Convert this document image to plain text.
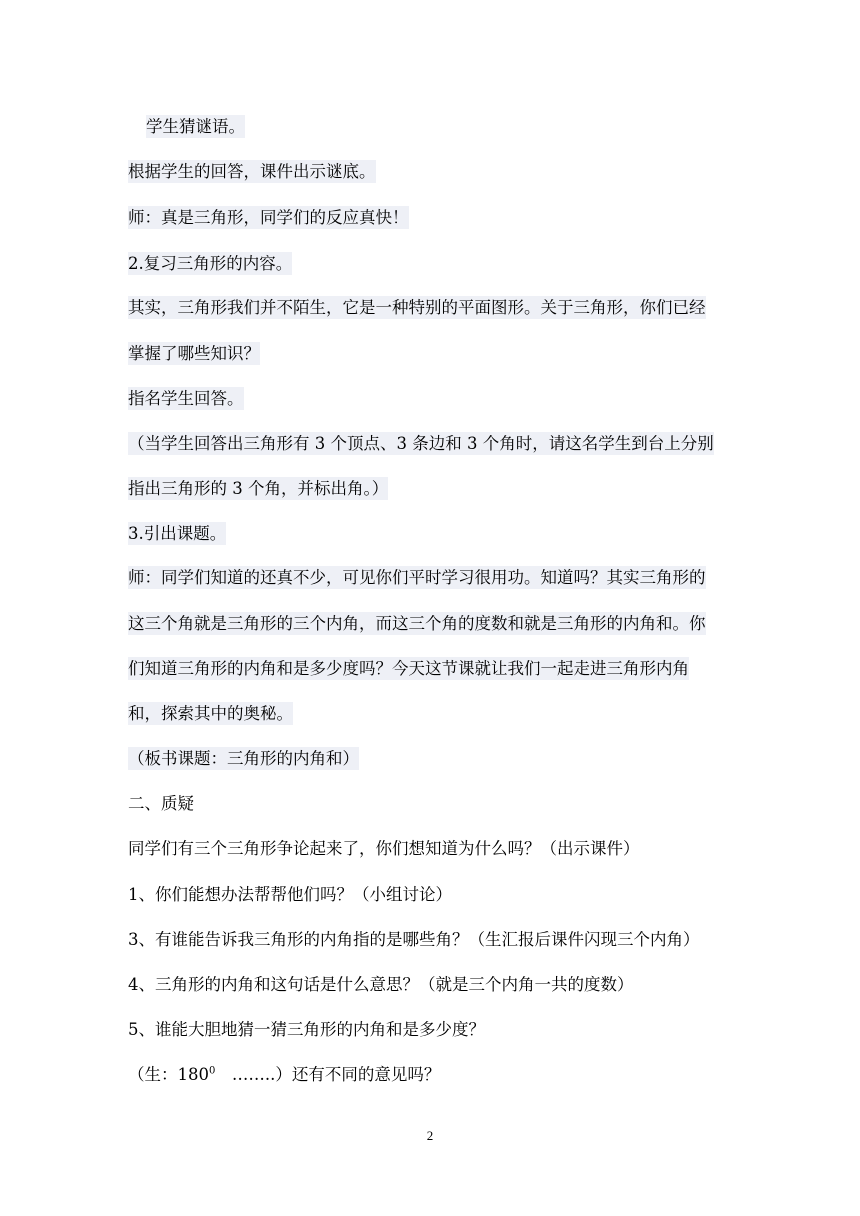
学生猜谜语。
根据学生的回答，课件出示谜底。
师：真是三角形，同学们的反应真快！
2.复习三角形的内容。
其实，三角形我们并不陌生，它是一种特别的平面图形。关于三角形，你们已经
掌握了哪些知识？
指名学生回答。
（当学生回答出三角形有 3 个顶点、3 条边和 3 个角时，请这名学生到台上分别
指出三角形的 3 个角，并标出角。）
3.引出课题。
师：同学们知道的还真不少，可见你们平时学习很用功。知道吗？其实三角形的
这三个角就是三角形的三个内角，而这三个角的度数和就是三角形的内角和。你
们知道三角形的内角和是多少度吗？今天这节课就让我们一起走进三角形内角
和，探索其中的奥秘。
（板书课题：三角形的内角和）
二、质疑
同学们有三个三角形争论起来了，你们想知道为什么吗？（出示课件）
1、你们能想办法帮帮他们吗？（小组讨论）
3、有谁能告诉我三角形的内角指的是哪些角？（生汇报后课件闪现三个内角）
4、三角形的内角和这句话是什么意思？（就是三个内角一共的度数）
5、谁能大胆地猜一猜三角形的内角和是多少度？
（生：$180^0$　……..）还有不同的意见吗？
2
